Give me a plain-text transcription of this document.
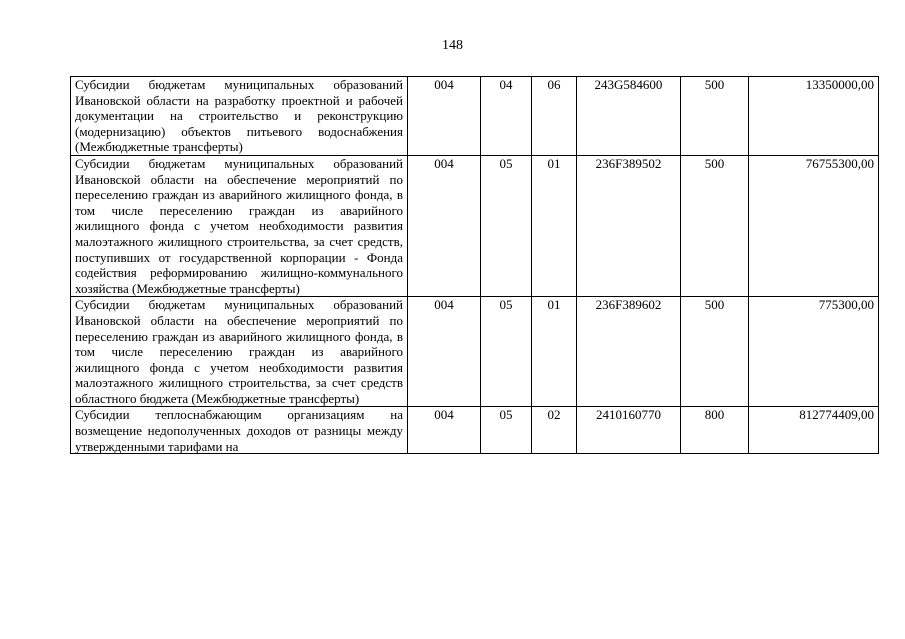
148
Субсидии бюджетам муниципальных образований Ивановской области на разработку проектной и рабочей документации на строительство и реконструкцию (модернизацию) объектов питьевого водоснабжения (Межбюджетные трансферты)	004	04	06	243G584600	500	13350000,00
Субсидии бюджетам муниципальных образований Ивановской области на обеспечение мероприятий по переселению граждан из аварийного жилищного фонда, в том числе переселению граждан из аварийного жилищного фонда с учетом необходимости развития малоэтажного жилищного строительства, за счет средств, поступивших от государственной корпорации - Фонда содействия реформированию жилищно-коммунального хозяйства (Межбюджетные трансферты)	004	05	01	236F389502	500	76755300,00
Субсидии бюджетам муниципальных образований Ивановской области на обеспечение мероприятий по переселению граждан из аварийного жилищного фонда, в том числе переселению граждан из аварийного жилищного фонда с учетом необходимости развития малоэтажного жилищного строительства, за счет средств областного бюджета (Межбюджетные трансферты)	004	05	01	236F389602	500	775300,00

Субсидии теплоснабжающим организациям на возмещение недополученных доходов от разницы между утвержденными тарифами на	004	05	02	2410160770	800	812774409,00
